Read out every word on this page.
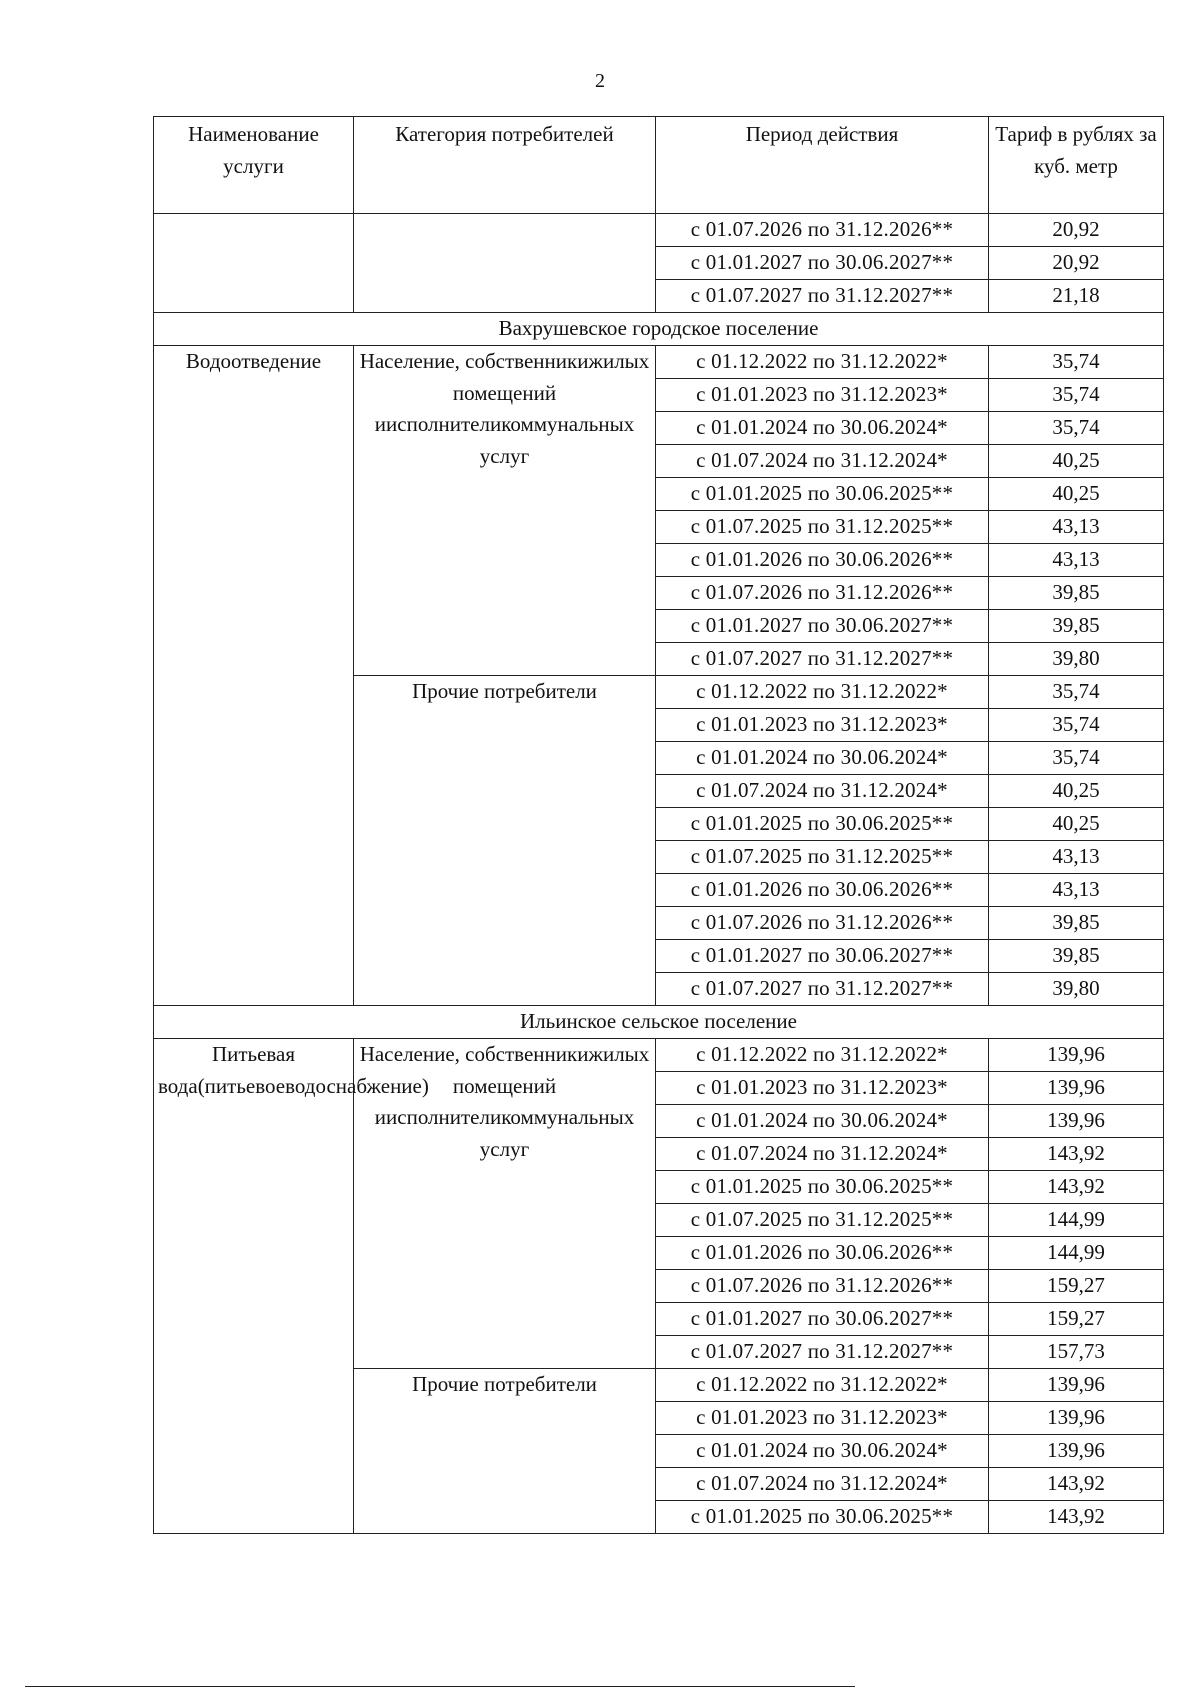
2
Наименование услуги	Категория потребителей	Период действия	Тариф в рублях за куб. метр
		с 01.07.2026 по 31.12.2026**	20,92
		с 01.01.2027 по 30.06.2027**	20,92
		с 01.07.2027 по 31.12.2027**	21,18
Вахрушевское городское поселение			
Водоотведение	Население, собственникижилых помещений иисполнителикоммунальных услуг	с 01.12.2022 по 31.12.2022*	35,74
		с 01.01.2023 по 31.12.2023*	35,74
		с 01.01.2024 по 30.06.2024*	35,74
		с 01.07.2024 по 31.12.2024*	40,25
		с 01.01.2025 по 30.06.2025**	40,25
		с 01.07.2025 по 31.12.2025**	43,13
		с 01.01.2026 по 30.06.2026**	43,13
		с 01.07.2026 по 31.12.2026**	39,85
		с 01.01.2027 по 30.06.2027**	39,85
		с 01.07.2027 по 31.12.2027**	39,80
	Прочие потребители	с 01.12.2022 по 31.12.2022*	35,74
		с 01.01.2023 по 31.12.2023*	35,74
		с 01.01.2024 по 30.06.2024*	35,74
		с 01.07.2024 по 31.12.2024*	40,25
		с 01.01.2025 по 30.06.2025**	40,25
		с 01.07.2025 по 31.12.2025**	43,13
		с 01.01.2026 по 30.06.2026**	43,13
		с 01.07.2026 по 31.12.2026**	39,85
		с 01.01.2027 по 30.06.2027**	39,85
		с 01.07.2027 по 31.12.2027**	39,80
Ильинское сельское поселение			
Питьевая вода(питьевоеводоснабжение)	Население, собственникижилых помещений иисполнителикоммунальных услуг	с 01.12.2022 по 31.12.2022*	139,96
		с 01.01.2023 по 31.12.2023*	139,96
		с 01.01.2024 по 30.06.2024*	139,96
		с 01.07.2024 по 31.12.2024*	143,92
		с 01.01.2025 по 30.06.2025**	143,92
		с 01.07.2025 по 31.12.2025**	144,99
		с 01.01.2026 по 30.06.2026**	144,99
		с 01.07.2026 по 31.12.2026**	159,27
		с 01.01.2027 по 30.06.2027**	159,27
		с 01.07.2027 по 31.12.2027**	157,73
	Прочие потребители	с 01.12.2022 по 31.12.2022*	139,96
		с 01.01.2023 по 31.12.2023*	139,96
		с 01.01.2024 по 30.06.2024*	139,96
		с 01.07.2024 по 31.12.2024*	143,92
		с 01.01.2025 по 30.06.2025**	143,92
